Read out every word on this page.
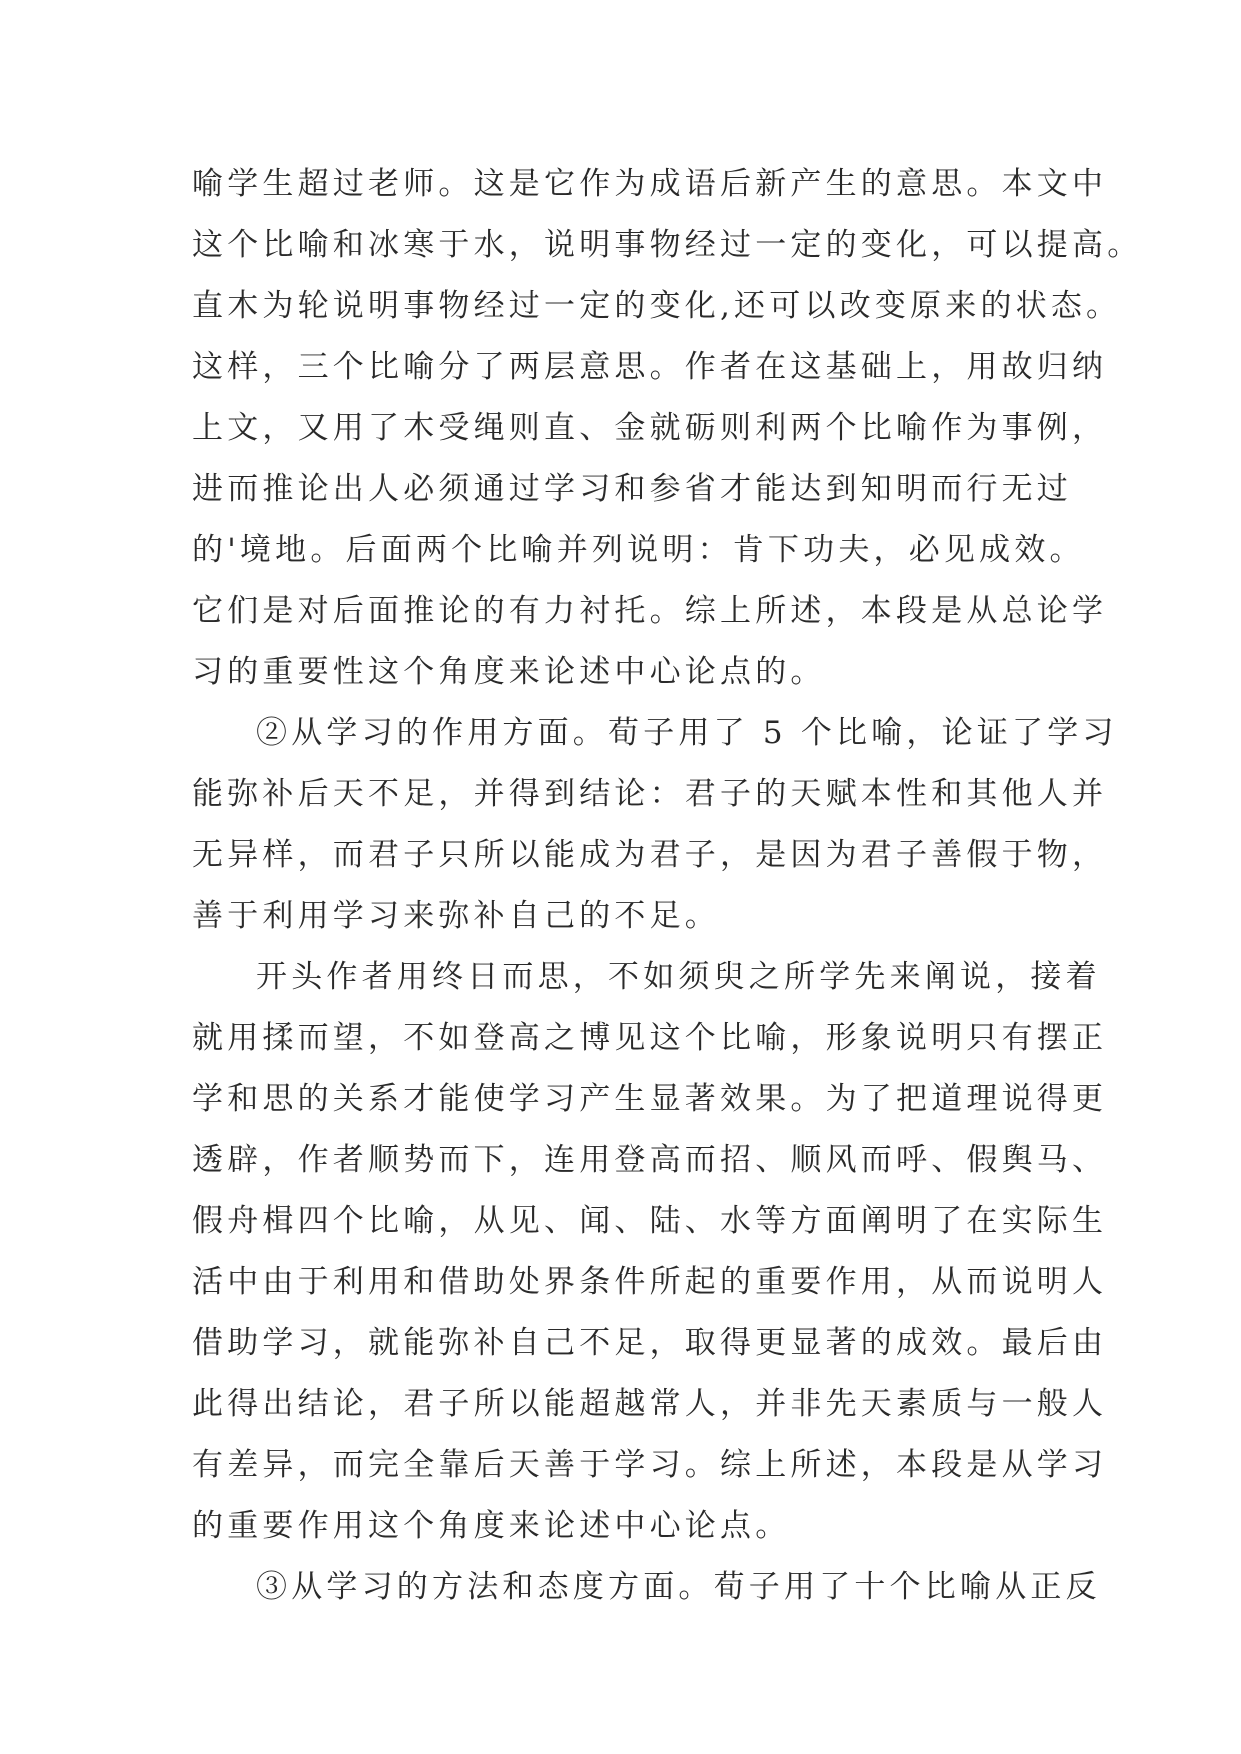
喻学生超过老师。这是它作为成语后新产生的意思。本文中
这个比喻和冰寒于水，说明事物经过一定的变化，可以提高。
直木为轮说明事物经过一定的变化,还可以改变原来的状态。
这样，三个比喻分了两层意思。作者在这基础上，用故归纳
上文，又用了木受绳则直、金就砺则利两个比喻作为事例，
进而推论出人必须通过学习和参省才能达到知明而行无过
的'境地。后面两个比喻并列说明：肯下功夫，必见成效。
它们是对后面推论的有力衬托。综上所述，本段是从总论学
习的重要性这个角度来论述中心论点的。
②从学习的作用方面。荀子用了 5 个比喻，论证了学习
能弥补后天不足，并得到结论：君子的天赋本性和其他人并
无异样，而君子只所以能成为君子，是因为君子善假于物，
善于利用学习来弥补自己的不足。
开头作者用终日而思，不如须臾之所学先来阐说，接着
就用揉而望，不如登高之博见这个比喻，形象说明只有摆正
学和思的关系才能使学习产生显著效果。为了把道理说得更
透辟，作者顺势而下，连用登高而招、顺风而呼、假舆马、
假舟楫四个比喻，从见、闻、陆、水等方面阐明了在实际生
活中由于利用和借助处界条件所起的重要作用，从而说明人
借助学习，就能弥补自己不足，取得更显著的成效。最后由
此得出结论，君子所以能超越常人，并非先天素质与一般人
有差异，而完全靠后天善于学习。综上所述，本段是从学习
的重要作用这个角度来论述中心论点。
③从学习的方法和态度方面。荀子用了十个比喻从正反
